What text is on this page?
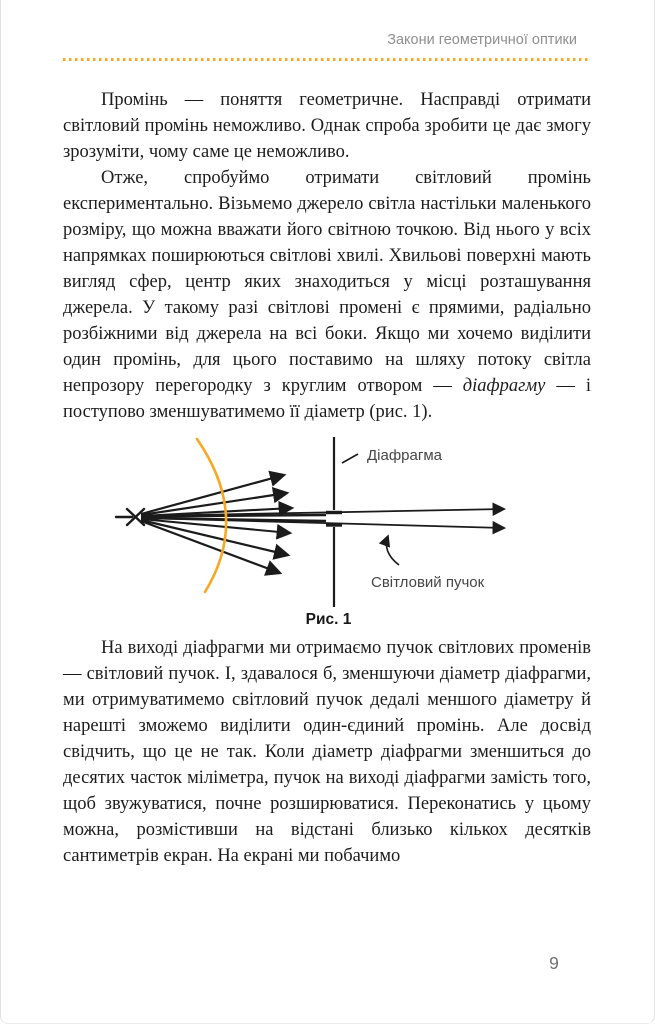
Закони геометричної оптики

Промінь — поняття геометричне. Насправді отримати світловий промінь неможливо. Однак спроба зробити це дає змогу зрозуміти, чому саме це неможливо.

Отже, спробуймо отримати світловий промінь експериментально. Візьмемо джерело світла настільки маленького розміру, що можна вважати його світною точкою. Від нього у всіх напрямках поширюються світлові хвилі. Хвильові поверхні мають вигляд сфер, центр яких знаходиться у місці розташування джерела. У такому разі світлові промені є прямими, радіально розбіжними від джерела на всі боки. Якщо ми хочемо виділити один промінь, для цього поставимо на шляху потоку світла непрозору перегородку з круглим отвором — діафрагму — і поступово зменшуватимемо її діаметр (рис. 1).

Діафрагма
Світловий пучок
Рис. 1

На виході діафрагми ми отримаємо пучок світлових променів — світловий пучок. І, здавалося б, зменшуючи діаметр діафрагми, ми отримуватимемо світловий пучок дедалі меншого діаметру й нарешті зможемо виділити один-єдиний промінь. Але досвід свідчить, що це не так. Коли діаметр діафрагми зменшиться до десятих часток міліметра, пучок на виході діафрагми замість того, щоб звужуватися, почне розширюватися. Переконатись у цьому можна, розмістивши на відстані близько кількох десятків сантиметрів екран. На екрані ми побачимо

9
